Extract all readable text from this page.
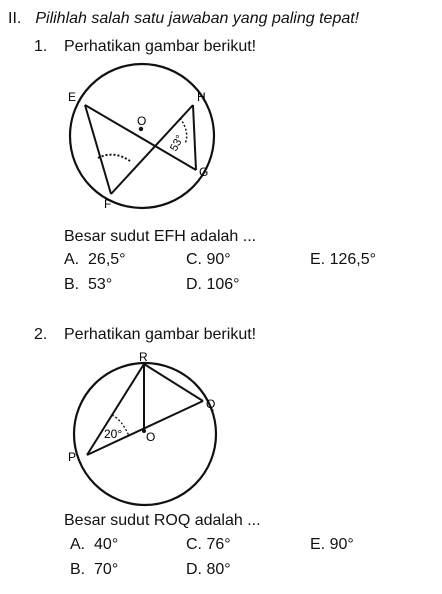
II. Pilihlah salah satu jawaban yang paling tepat!
1. Perhatikan gambar berikut!
E	H
O
G
F
53°
R
Q
O
P
20°
Besar sudut EFH adalah ...
A. 26,5°
B. 53°
C. 90°
D. 106°
E. 126,5°
2. Perhatikan gambar berikut!
Besar sudut ROQ adalah ...
A. 40°
B. 70°
C. 76°
D. 80°
E. 90°
